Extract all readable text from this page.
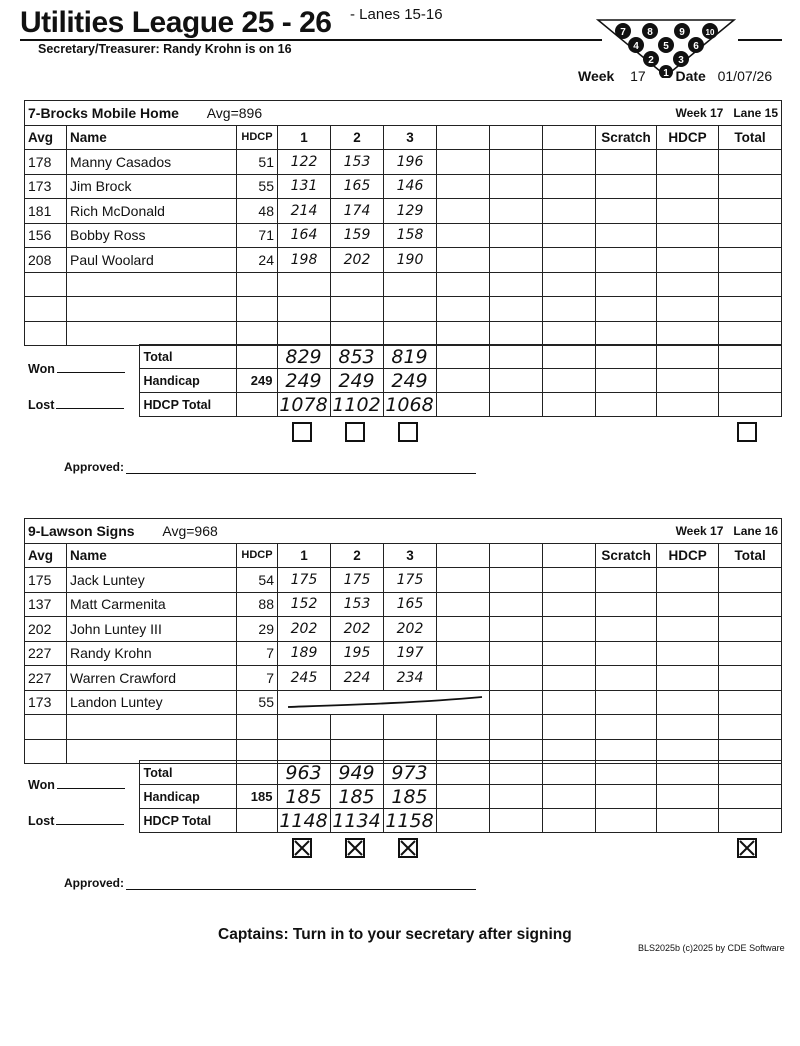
Utilities League 25 - 26 - Lanes 15-16
Secretary/Treasurer: Randy Krohn is on 16
7 8	9	10
4 5 6
2 3
1
Week 17 Date 01/07/26
7-Brocks Mobile Home Avg=896									Week 17 Lane 15		
Avg	Name	HDCP	1	2	3				Scratch	HDCP	Total
178	Manny Casados	51	122	153	196						
173	Jim Brock	55	131	165	146						
181	Rich McDonald	48	214	174	129						
156	Bobby Ross	71	164	159	158						
208	Paul Woolard	24	198	202	190						

Won	Total		829	853	819						
	Handicap	249	249	249	249						
Lost	HDCP Total		1078	1102	1068						
Approved:
9-Lawson Signs Avg=968									Week 17 Lane 16		
Avg	Name	HDCP	1	2	3				Scratch	HDCP	Total
175	Jack Luntey	54	175	175	175						
137	Matt Carmenita	88	152	153	165						
202	John Luntey III	29	202	202	202						
227	Randy Krohn	7	189	195	197						
227	Warren Crawford	7	245	224	234						
173	Landon Luntey	55	

Won	Total		963	949	973						
	Handicap	185	185	185	185						
Lost	HDCP Total		1148	1134	1158						
Approved:
Captains: Turn in to your secretary after signing
BLS2025b (c)2025 by CDE Software
